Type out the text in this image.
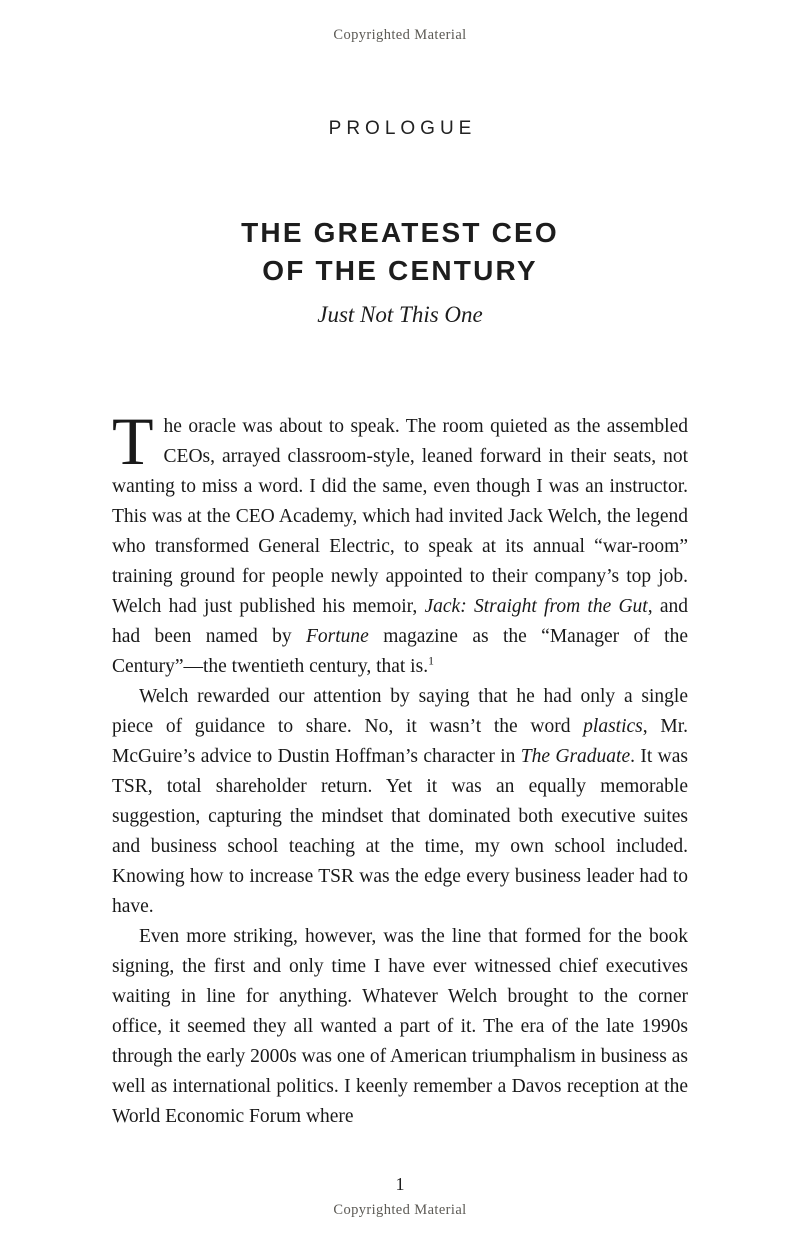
Copyrighted Material
PROLOGUE
THE GREATEST CEO
OF THE CENTURY
Just Not This One

The oracle was about to speak. The room quieted as the assembled CEOs, arrayed classroom-style, leaned forward in their seats, not wanting to miss a word. I did the same, even though I was an instructor. This was at the CEO Academy, which had invited Jack Welch, the legend who transformed General Electric, to speak at its annual “war-room” training ground for people newly appointed to their company’s top job. Welch had just published his memoir, Jack: Straight from the Gut, and had been named by Fortune magazine as the “Manager of the Century”—the twentieth century, that is.$^1$

Welch rewarded our attention by saying that he had only a single piece of guidance to share. No, it wasn’t the word plastics, Mr. McGuire’s advice to Dustin Hoffman’s character in The Graduate. It was TSR, total shareholder return. Yet it was an equally memorable suggestion, capturing the mindset that dominated both executive suites and business school teaching at the time, my own school included. Knowing how to increase TSR was the edge every business leader had to have.

Even more striking, however, was the line that formed for the book signing, the first and only time I have ever witnessed chief executives waiting in line for anything. Whatever Welch brought to the corner office, it seemed they all wanted a part of it. The era of the late 1990s through the early 2000s was one of American triumphalism in business as well as international politics. I keenly remember a Davos reception at the World Economic Forum where

1
Copyrighted Material
